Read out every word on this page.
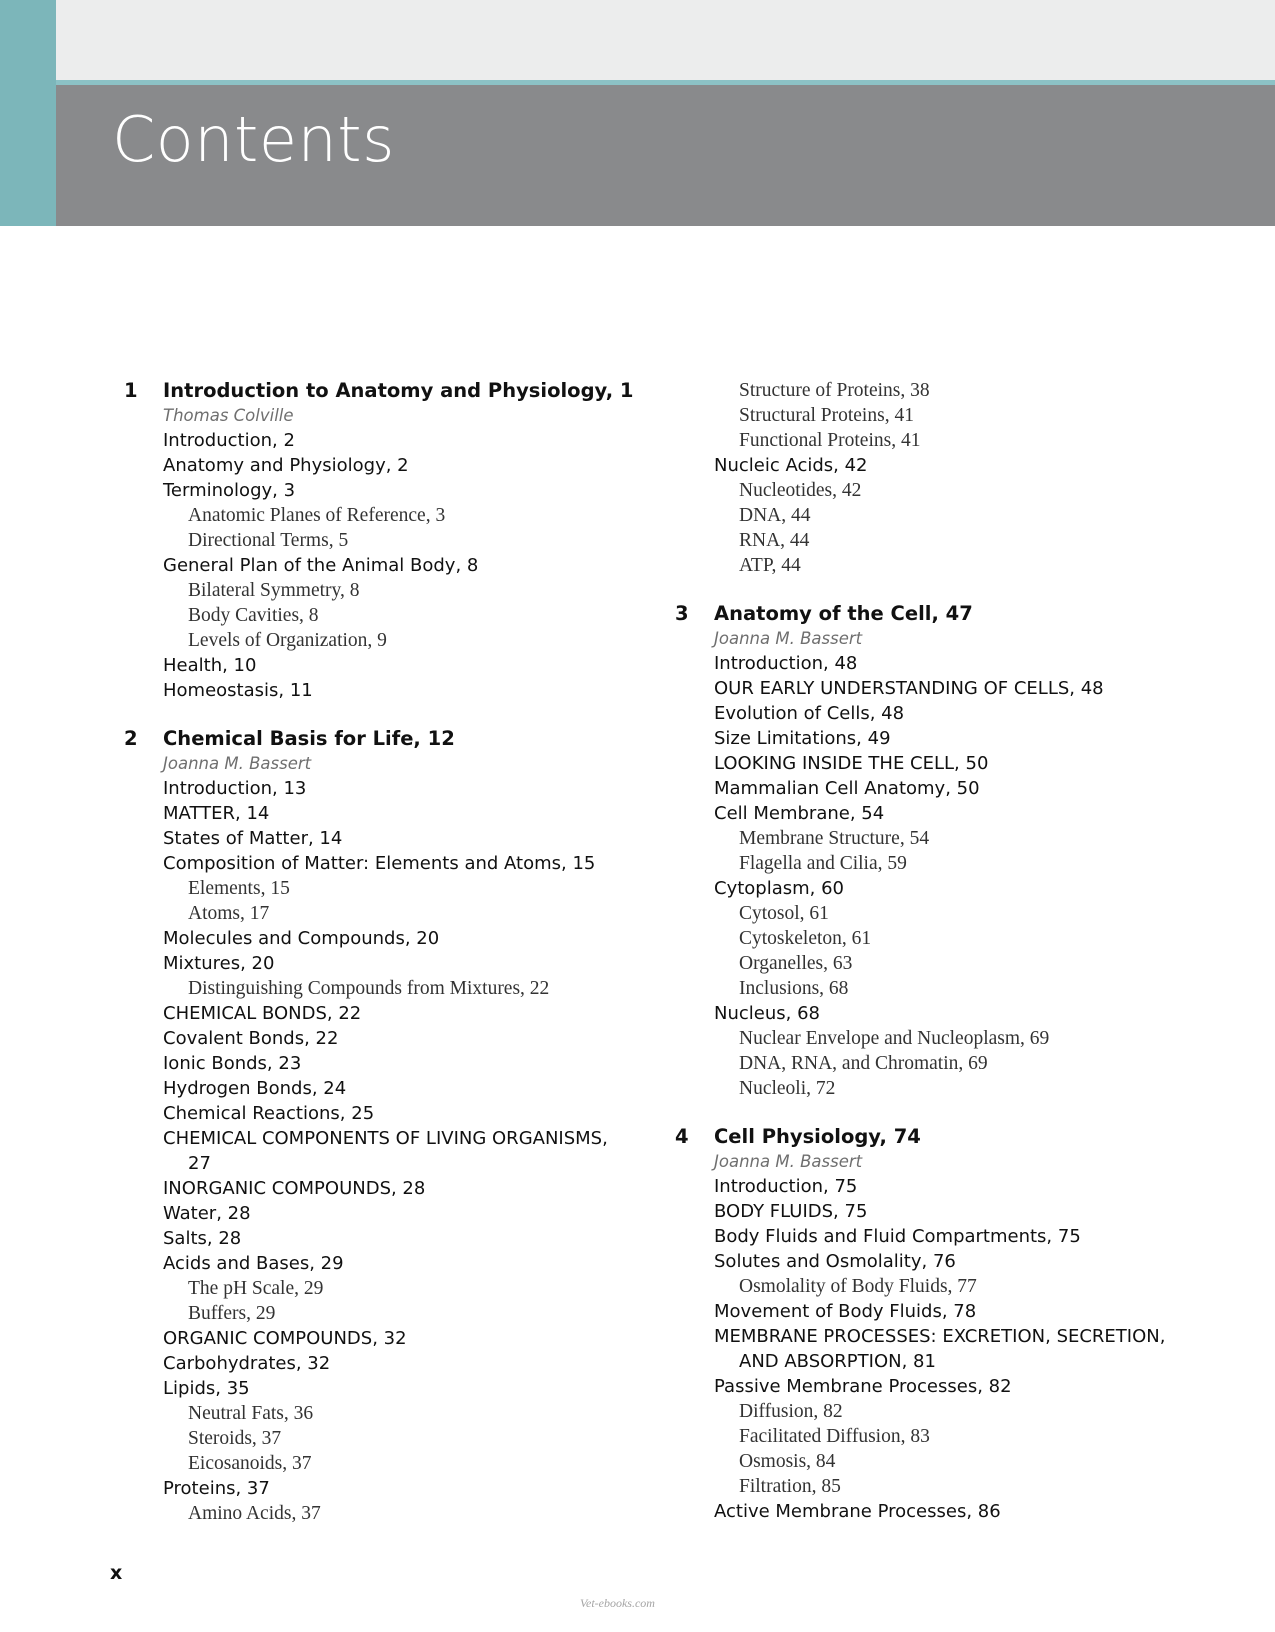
Contents
1 Introduction to Anatomy and Physiology, 1

Thomas Colville
Introduction, 2
Anatomy and Physiology, 2
Terminology, 3
Anatomic Planes of Reference, 3
Directional Terms, 5
General Plan of the Animal Body, 8
Bilateral Symmetry, 8
Body Cavities, 8
Levels of Organization, 9
Health, 10
Homeostasis, 11
2 Chemical Basis for Life, 12

Joanna M. Bassert
Introduction, 13
MATTER, 14
States of Matter, 14
Composition of Matter: Elements and Atoms, 15
Elements, 15
Atoms, 17
Molecules and Compounds, 20
Mixtures, 20
Distinguishing Compounds from Mixtures, 22
CHEMICAL BONDS, 22
Covalent Bonds, 22
Ionic Bonds, 23
Hydrogen Bonds, 24
Chemical Reactions, 25
CHEMICAL COMPONENTS OF LIVING ORGANISMS,
27
INORGANIC COMPOUNDS, 28
Water, 28
Salts, 28
Acids and Bases, 29
The pH Scale, 29
Buffers, 29
ORGANIC COMPOUNDS, 32
Carbohydrates, 32
Lipids, 35
Neutral Fats, 36
Steroids, 37
Eicosanoids, 37
Proteins, 37
Amino Acids, 37
Structure of Proteins, 38
Structural Proteins, 41
Functional Proteins, 41
Nucleic Acids, 42
Nucleotides, 42
DNA, 44
RNA, 44
ATP, 44
3 Anatomy of the Cell, 47

Joanna M. Bassert
Introduction, 48
OUR EARLY UNDERSTANDING OF CELLS, 48
Evolution of Cells, 48
Size Limitations, 49
LOOKING INSIDE THE CELL, 50
Mammalian Cell Anatomy, 50
Cell Membrane, 54
Membrane Structure, 54
Flagella and Cilia, 59
Cytoplasm, 60
Cytosol, 61
Cytoskeleton, 61
Organelles, 63
Inclusions, 68
Nucleus, 68
Nuclear Envelope and Nucleoplasm, 69
DNA, RNA, and Chromatin, 69
Nucleoli, 72
4 Cell Physiology, 74

Joanna M. Bassert
Introduction, 75
BODY FLUIDS, 75
Body Fluids and Fluid Compartments, 75
Solutes and Osmolality, 76
Osmolality of Body Fluids, 77
Movement of Body Fluids, 78
MEMBRANE PROCESSES: EXCRETION, SECRETION,
AND ABSORPTION, 81
Passive Membrane Processes, 82
Diffusion, 82
Facilitated Diffusion, 83
Osmosis, 84
Filtration, 85
Active Membrane Processes, 86
x
Vet-ebooks.com
